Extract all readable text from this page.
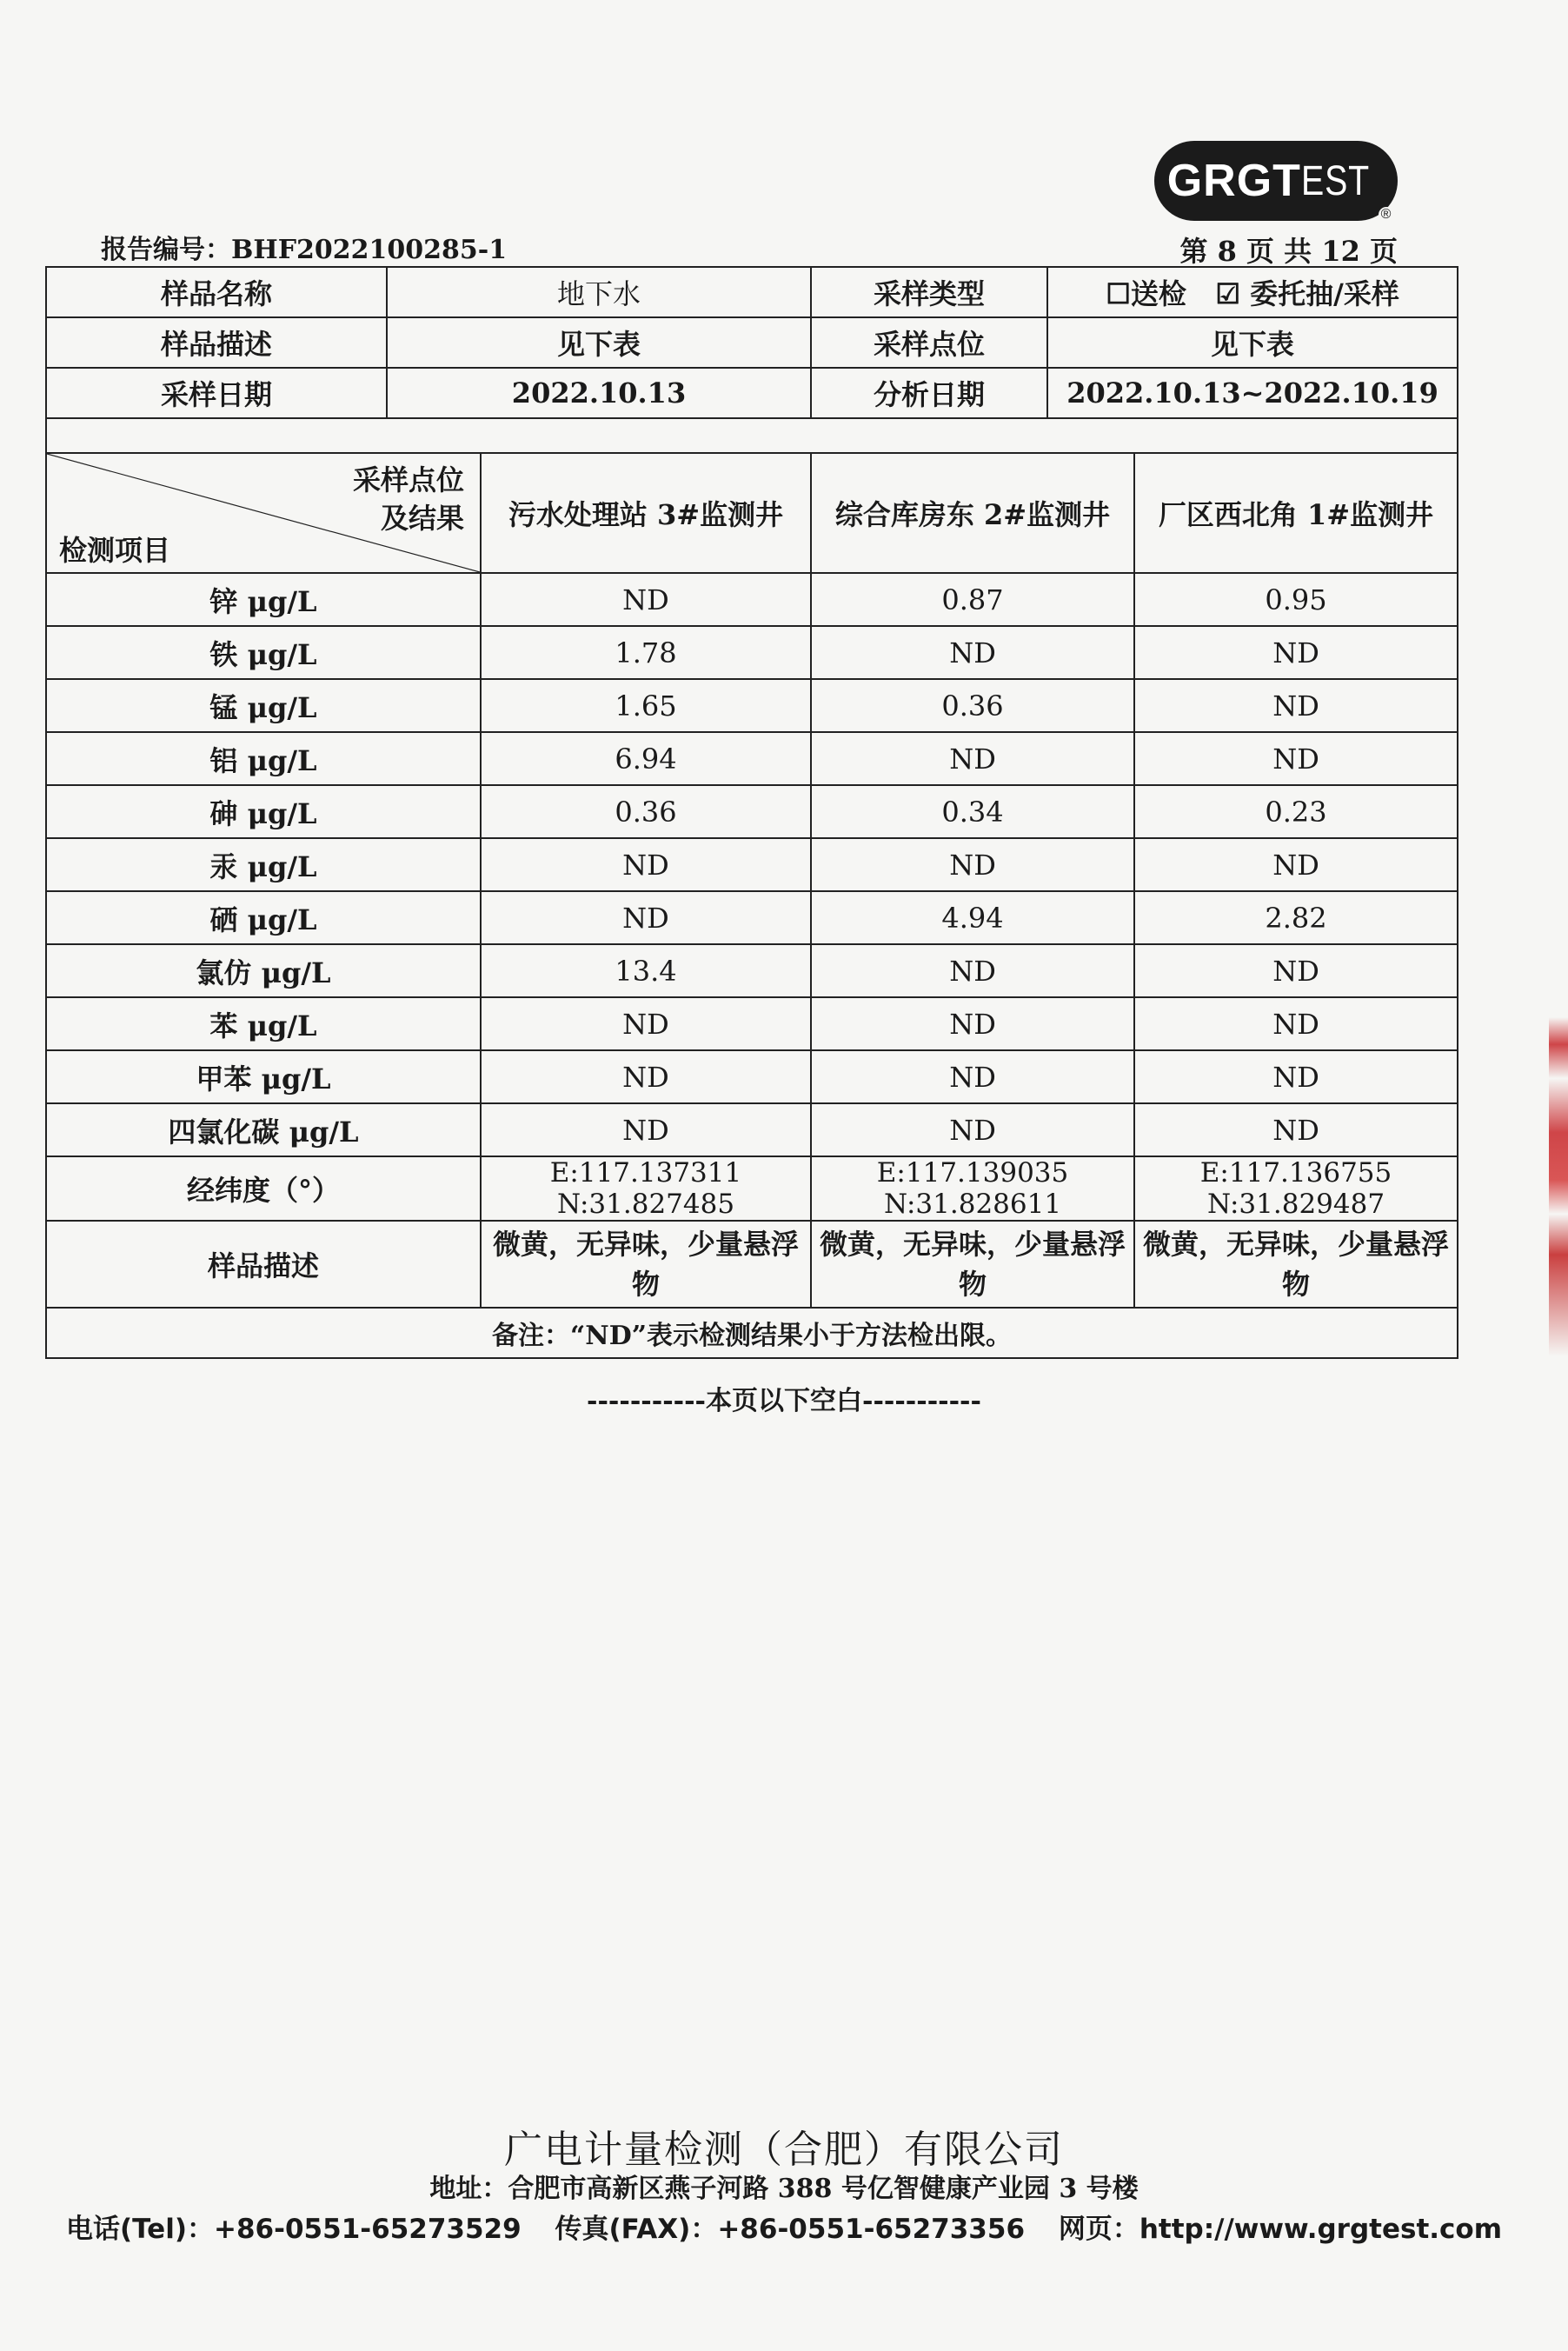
GRGT EST
®
报告编号：BHF2022100285-1	第 8 页 共 12 页
样品名称	地下水		采样类型	☐送检 ☑ 委托抽/采样	
样品描述	见下表		采样点位	见下表	
采样日期	2022.10.13		分析日期	2022.10.13~2022.10.19	

采样点位
及结果
检测项目		污水处理站 3#监测井	综合库房东 2#监测井		厂区西北角 1#监测井
锌 μg/L		ND	0.87		0.95
铁 μg/L		1.78	ND		ND
锰 μg/L		1.65	0.36		ND
铝 μg/L		6.94	ND		ND
砷 μg/L		0.36	0.34		0.23
汞 μg/L		ND	ND		ND
硒 μg/L		ND	4.94		2.82
氯仿 μg/L		13.4	ND		ND
苯 μg/L		ND	ND		ND
甲苯 μg/L		ND	ND		ND
四氯化碳 μg/L		ND	ND		ND
经纬度（°）		E:117.137311 N:31.827485	E:117.139035 N:31.828611		E:117.136755 N:31.829487
样品描述		微黄，无异味，少量悬浮物	微黄，无异味，少量悬浮物		微黄，无异味，少量悬浮物
备注：“ND”表示检测结果小于方法检出限。					
-----------本页以下空白-----------
广电计量检测（合肥）有限公司
地址：合肥市高新区燕子河路 388 号亿智健康产业园 3 号楼
电话(Tel)：+86-0551-65273529 传真(FAX)：+86-0551-65273356 网页：http://www.grgtest.com
